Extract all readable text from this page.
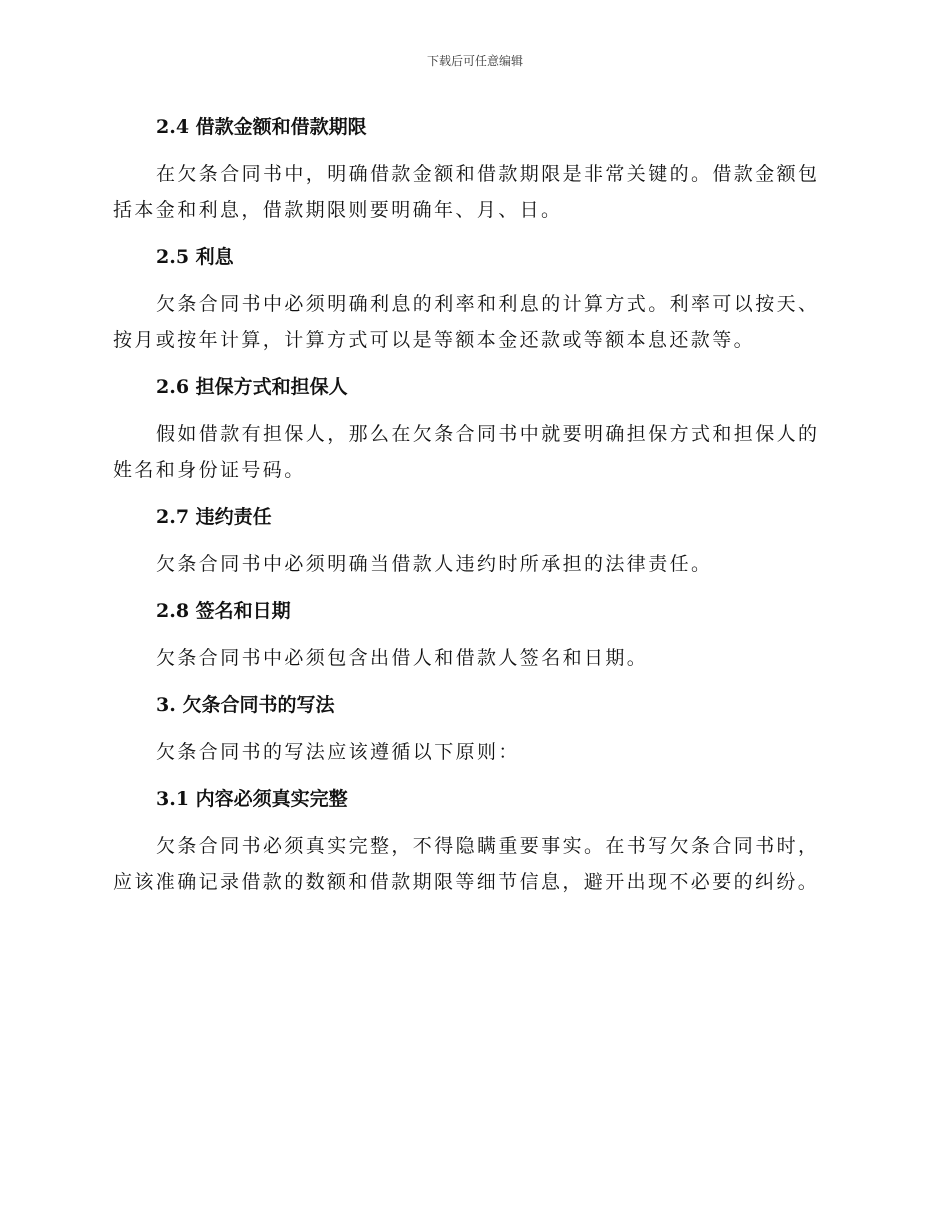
下载后可任意编辑
2.4 借款金额和借款期限

在欠条合同书中，明确借款金额和借款期限是非常关键的。借款金额包

括本金和利息，借款期限则要明确年、月、日。

2.5 利息

欠条合同书中必须明确利息的利率和利息的计算方式。利率可以按天、

按月或按年计算，计算方式可以是等额本金还款或等额本息还款等。

2.6 担保方式和担保人

假如借款有担保人，那么在欠条合同书中就要明确担保方式和担保人的

姓名和身份证号码。

2.7 违约责任

欠条合同书中必须明确当借款人违约时所承担的法律责任。

2.8 签名和日期

欠条合同书中必须包含出借人和借款人签名和日期。

3. 欠条合同书的写法

欠条合同书的写法应该遵循以下原则：

3.1 内容必须真实完整

欠条合同书必须真实完整，不得隐瞒重要事实。在书写欠条合同书时，

应该准确记录借款的数额和借款期限等细节信息，避开出现不必要的纠纷。
